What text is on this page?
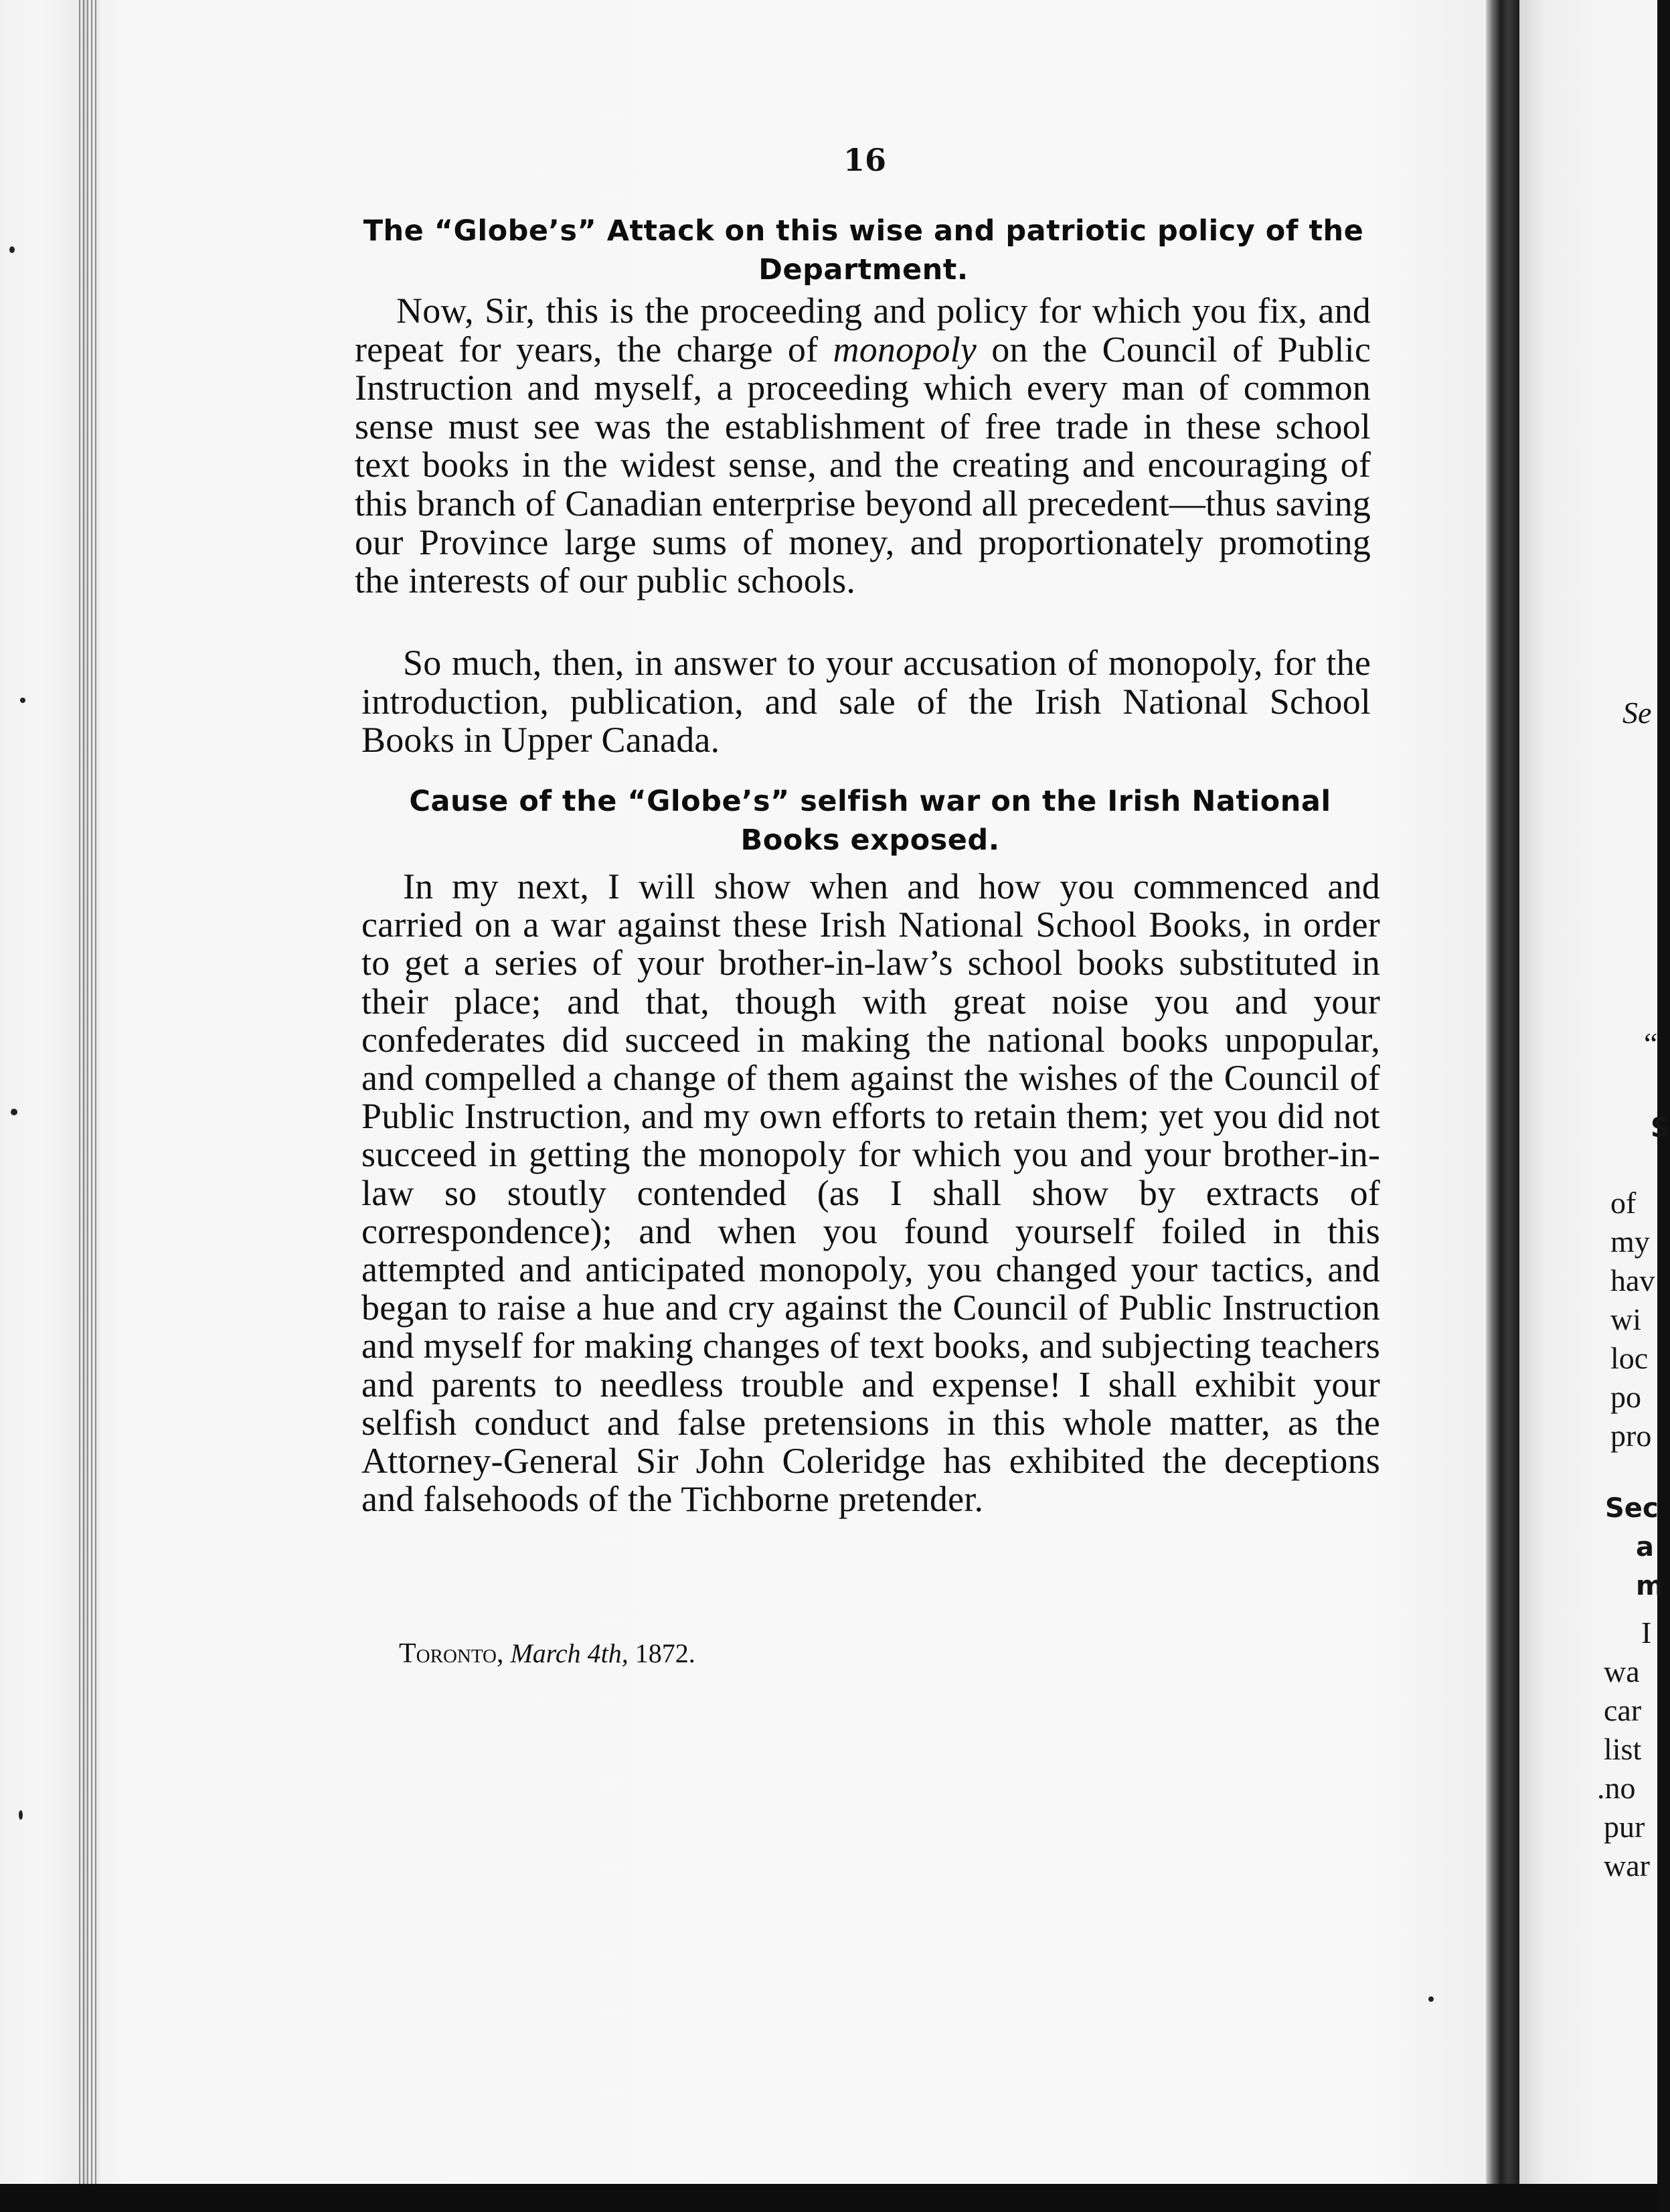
16
The “Globe’s” Attack on this wise and patriotic policy of the Department.

Now, Sir, this is the proceeding and policy for which you fix, and repeat for years, the charge of monopoly on the Council of Public Instruction and myself, a proceeding which every man of common sense must see was the establishment of free trade in these school text books in the widest sense, and the creating and encouraging of this branch of Canadian enterprise beyond all precedent—thus saving our Province large sums of money, and proportionately promoting the interests of our public schools.

So much, then, in answer to your accusation of monopoly, for the introduction, publication, and sale of the Irish National School Books in Upper Canada.

Cause of the “Globe’s” selfish war on the Irish National Books exposed.

In my next, I will show when and how you commenced and carried on a war against these Irish National School Books, in order to get a series of your brother-in-law’s school books substituted in their place; and that, though with great noise you and your confederates did succeed in making the national books unpopular, and compelled a change of them against the wishes of the Council of Public Instruction, and my own efforts to retain them; yet you did not succeed in getting the monopoly for which you and your brother-in-law so stoutly contended (as I shall show by extracts of correspondence); and when you found yourself foiled in this attempted and anticipated monopoly, you changed your tactics, and began to raise a hue and cry against the Council of Public Instruction and myself for making changes of text books, and subjecting teachers and parents to needless trouble and expense! I shall exhibit your selfish conduct and false pretensions in this whole matter, as the Attorney-General Sir John Coleridge has exhibited the deceptions and falsehoods of the Tichborne pretender.

Toronto, March 4th, 1872.
Se
“
S
of
my
hav
wi
loc
po
pro
Sec
a
m
I
wa
car
list
.no
pur
war
